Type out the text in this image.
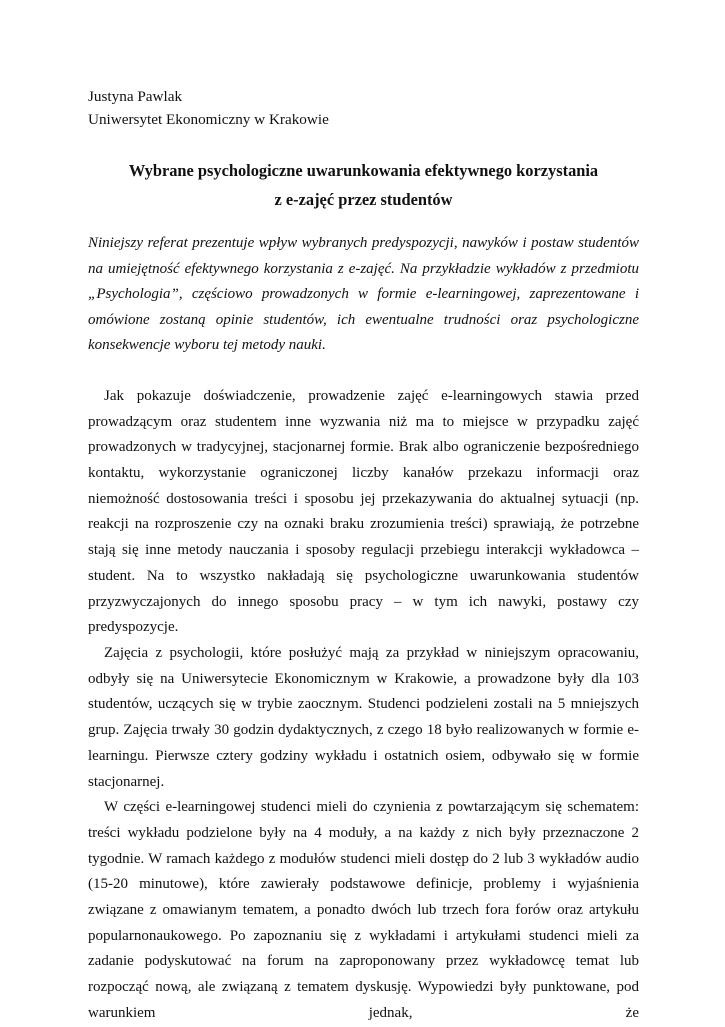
Justyna Pawlak
Uniwersytet Ekonomiczny w Krakowie
Wybrane psychologiczne uwarunkowania efektywnego korzystania
z e-zajęć przez studentów

Niniejszy referat prezentuje wpływ wybranych predyspozycji, nawyków i postaw studentów na umiejętność efektywnego korzystania z e-zajęć. Na przykładzie wykładów z przedmiotu „Psychologia”, częściowo prowadzonych w formie e-learningowej, zaprezentowane i omówione zostaną opinie studentów, ich ewentualne trudności oraz psychologiczne konsekwencje wyboru tej metody nauki.

Jak pokazuje doświadczenie, prowadzenie zajęć e-learningowych stawia przed prowadzącym oraz studentem inne wyzwania niż ma to miejsce w przypadku zajęć prowadzonych w tradycyjnej, stacjonarnej formie. Brak albo ograniczenie bezpośredniego kontaktu, wykorzystanie ograniczonej liczby kanałów przekazu informacji oraz niemożność dostosowania treści i sposobu jej przekazywania do aktualnej sytuacji (np. reakcji na rozproszenie czy na oznaki braku zrozumienia treści) sprawiają, że potrzebne stają się inne metody nauczania i sposoby regulacji przebiegu interakcji wykładowca – student. Na to wszystko nakładają się psychologiczne uwarunkowania studentów przyzwyczajonych do innego sposobu pracy – w tym ich nawyki, postawy czy predyspozycje.

Zajęcia z psychologii, które posłużyć mają za przykład w niniejszym opracowaniu, odbyły się na Uniwersytecie Ekonomicznym w Krakowie, a prowadzone były dla 103 studentów, uczących się w trybie zaocznym. Studenci podzieleni zostali na 5 mniejszych grup. Zajęcia trwały 30 godzin dydaktycznych, z czego 18 było realizowanych w formie e-learningu. Pierwsze cztery godziny wykładu i ostatnich osiem, odbywało się w formie stacjonarnej.

W części e-learningowej studenci mieli do czynienia z powtarzającym się schematem: treści wykładu podzielone były na 4 moduły, a na każdy z nich były przeznaczone 2 tygodnie. W ramach każdego z modułów studenci mieli dostęp do 2 lub 3 wykładów audio (15-20 minutowe), które zawierały podstawowe definicje, problemy i wyjaśnienia związane z omawianym tematem, a ponadto dwóch lub trzech fora forów oraz artykułu popularnonaukowego. Po zapoznaniu się z wykładami i artykułami studenci mieli za zadanie podyskutować na forum na zaproponowany przez wykładowcę temat lub rozpocząć nową, ale związaną z tematem dyskusję. Wypowiedzi były punktowane, pod warunkiem jednak, że
